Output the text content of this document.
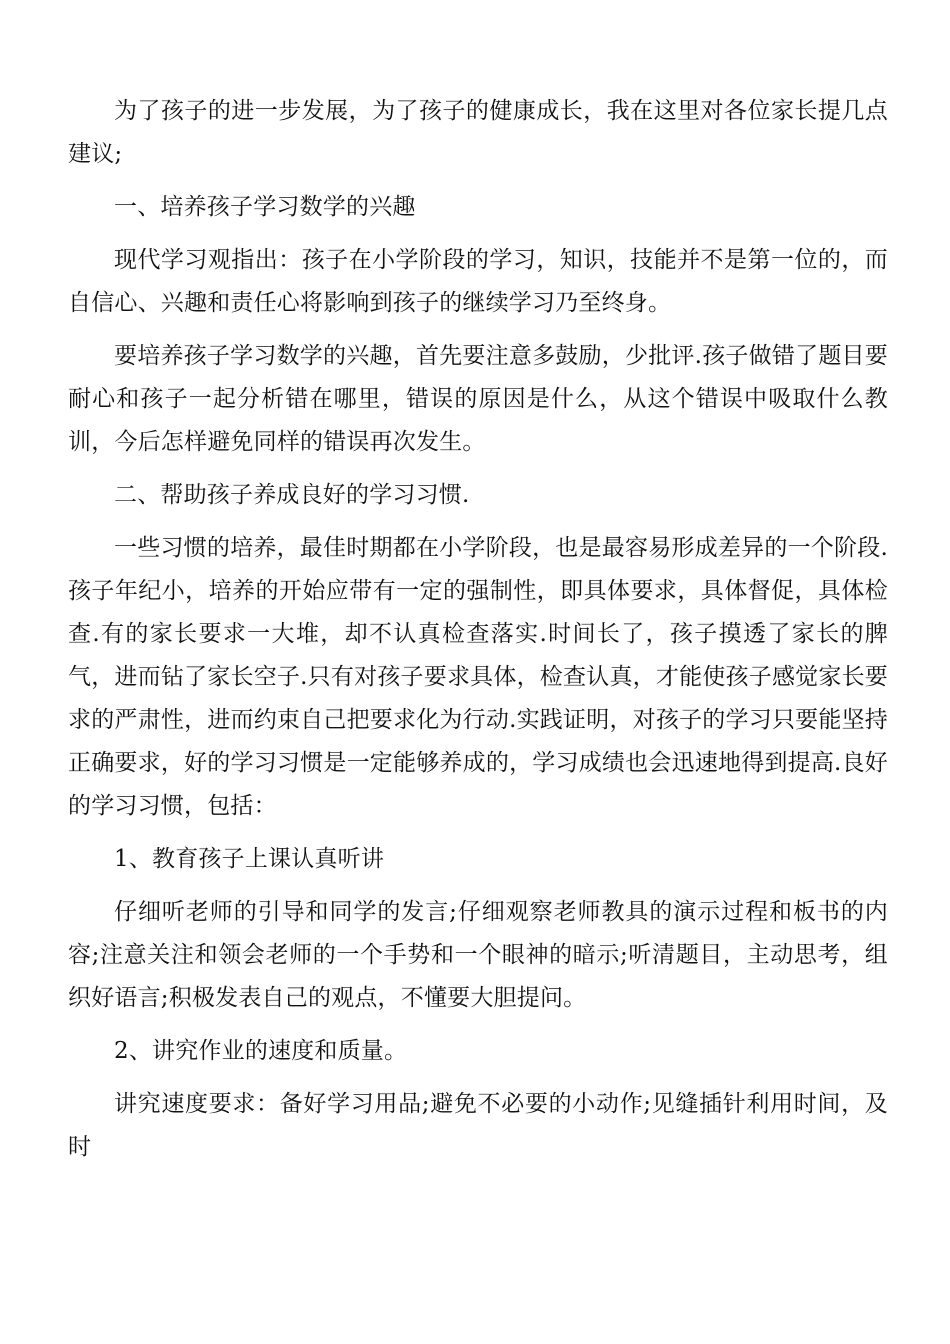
为了孩子的进一步发展，为了孩子的健康成长，我在这里对各位家长提几点建议;

一、培养孩子学习数学的兴趣

现代学习观指出：孩子在小学阶段的学习，知识，技能并不是第一位的，而自信心、兴趣和责任心将影响到孩子的继续学习乃至终身。

要培养孩子学习数学的兴趣，首先要注意多鼓励，少批评.孩子做错了题目要耐心和孩子一起分析错在哪里，错误的原因是什么，从这个错误中吸取什么教训，今后怎样避免同样的错误再次发生。

二、帮助孩子养成良好的学习习惯.

一些习惯的培养，最佳时期都在小学阶段，也是最容易形成差异的一个阶段.孩子年纪小，培养的开始应带有一定的强制性，即具体要求，具体督促，具体检查.有的家长要求一大堆，却不认真检查落实.时间长了，孩子摸透了家长的脾气，进而钻了家长空子.只有对孩子要求具体，检查认真，才能使孩子感觉家长要求的严肃性，进而约束自己把要求化为行动.实践证明，对孩子的学习只要能坚持正确要求，好的学习习惯是一定能够养成的，学习成绩也会迅速地得到提高.良好的学习习惯，包括：

1、教育孩子上课认真听讲

仔细听老师的引导和同学的发言;仔细观察老师教具的演示过程和板书的内容;注意关注和领会老师的一个手势和一个眼神的暗示;听清题目，主动思考，组织好语言;积极发表自己的观点，不懂要大胆提问。

2、讲究作业的速度和质量。

讲究速度要求：备好学习用品;避免不必要的小动作;见缝插针利用时间，及时
